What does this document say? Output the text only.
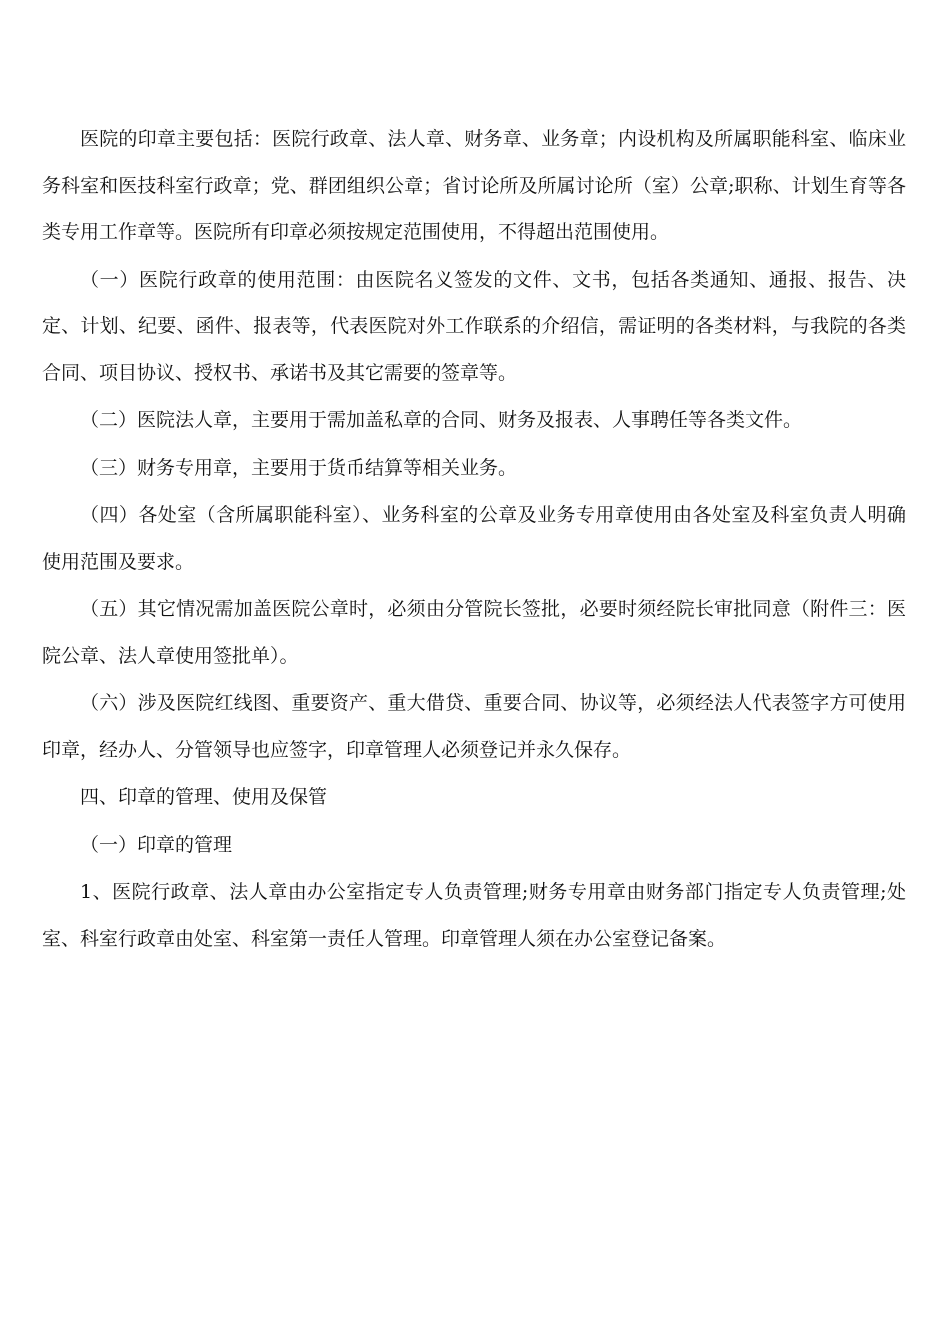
医院的印章主要包括：医院行政章、法人章、财务章、业务章；内设机构及所属职能科室、临床业务科室和医技科室行政章；党、群团组织公章；省讨论所及所属讨论所（室）公章;职称、计划生育等各类专用工作章等。医院所有印章必须按规定范围使用，不得超出范围使用。

（一）医院行政章的使用范围：由医院名义签发的文件、文书，包括各类通知、通报、报告、决定、计划、纪要、函件、报表等，代表医院对外工作联系的介绍信，需证明的各类材料，与我院的各类合同、项目协议、授权书、承诺书及其它需要的签章等。

（二）医院法人章，主要用于需加盖私章的合同、财务及报表、人事聘任等各类文件。

（三）财务专用章，主要用于货币结算等相关业务。

（四）各处室（含所属职能科室）、业务科室的公章及业务专用章使用由各处室及科室负责人明确使用范围及要求。

（五）其它情况需加盖医院公章时，必须由分管院长签批，必要时须经院长审批同意（附件三：医院公章、法人章使用签批单）。

（六）涉及医院红线图、重要资产、重大借贷、重要合同、协议等，必须经法人代表签字方可使用印章，经办人、分管领导也应签字，印章管理人必须登记并永久保存。

四、印章的管理、使用及保管

（一）印章的管理

1、医院行政章、法人章由办公室指定专人负责管理;财务专用章由财务部门指定专人负责管理;处室、科室行政章由处室、科室第一责任人管理。印章管理人须在办公室登记备案。
